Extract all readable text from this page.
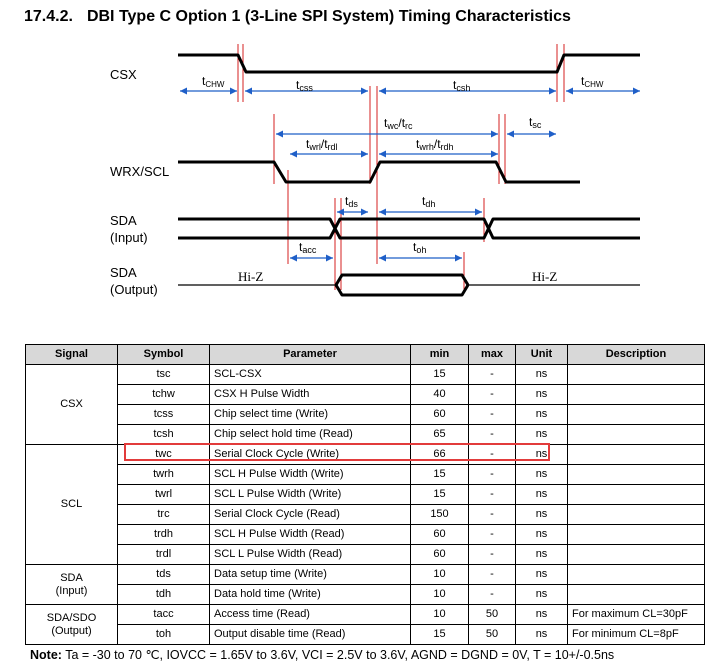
17.4.2. DBI Type C Option 1 (3-Line SPI System) Timing Characteristics
CSX
WRX/SCL
SDA
(Input)
SDA
(Output)
Hi-Z	Hi-Z
tCHW	tcss	tcsh	tCHW
twc/trc	tsc
twrl/trdl	twrh/trdh
tds	tdh
tacc	toh
Signal	Symbol	Parameter	min	max	Unit	Description
CSX	tsc	SCL-CSX	15	-	ns	
	tchw	CSX H Pulse Width	40	-	ns	
	tcss	Chip select time (Write)	60	-	ns	
	tcsh	Chip select hold time (Read)	65	-	ns	
SCL	twc	Serial Clock Cycle (Write)	66	-	ns	
	twrh	SCL H Pulse Width (Write)	15	-	ns	
	twrl	SCL L Pulse Width (Write)	15	-	ns	
	trc	Serial Clock Cycle (Read)	150	-	ns	
	trdh	SCL H Pulse Width (Read)	60	-	ns	
	trdl	SCL L Pulse Width (Read)	60	-	ns	
SDA
(Input)	tds	Data setup time (Write)	10	-	ns	
	tdh	Data hold time (Write)	10	-	ns	
SDA/SDO
(Output)	tacc	Access time (Read)	10	50	ns	For maximum CL=30pF
	toh	Output disable time (Read)	15	50	ns	For minimum CL=8pF
Note: Ta = -30 to 70 ℃, IOVCC = 1.65V to 3.6V, VCI = 2.5V to 3.6V, AGND = DGND = 0V, T = 10+/-0.5ns
